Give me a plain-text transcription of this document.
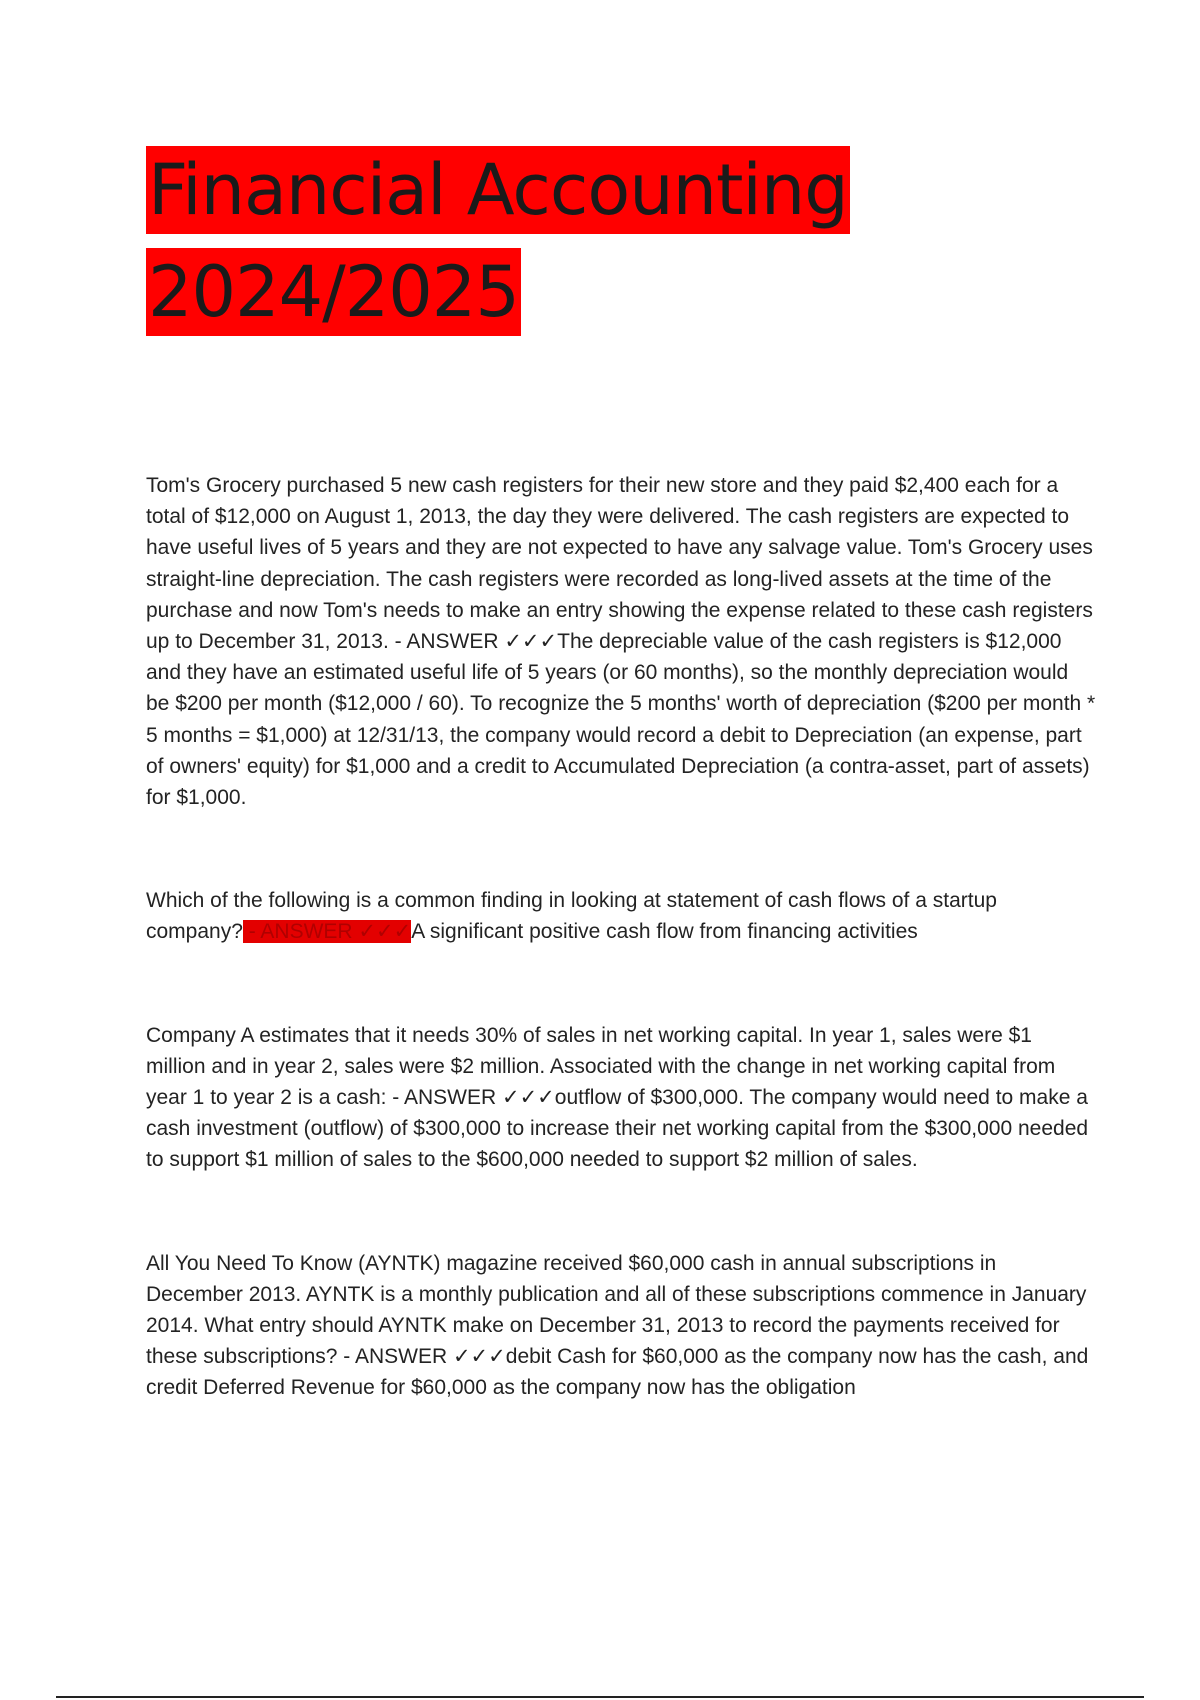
Financial Accounting
2024/2025

Tom's Grocery purchased 5 new cash registers for their new store and they paid $2,400 each for a total of $12,000 on August 1, 2013, the day they were delivered. The cash registers are expected to have useful lives of 5 years and they are not expected to have any salvage value. Tom's Grocery uses straight-line depreciation. The cash registers were recorded as long-lived assets at the time of the purchase and now Tom's needs to make an entry showing the expense related to these cash registers up to December 31, 2013. - ANSWER ✓✓✓The depreciable value of the cash registers is $12,000 and they have an estimated useful life of 5 years (or 60 months), so the monthly depreciation would be $200 per month ($12,000 / 60). To recognize the 5 months' worth of depreciation ($200 per month * 5 months = $1,000) at 12/31/13, the company would record a debit to Depreciation (an expense, part of owners' equity) for $1,000 and a credit to Accumulated Depreciation (a contra-asset, part of assets) for $1,000.

Which of the following is a common finding in looking at statement of cash flows of a startup company? - ANSWER ✓✓✓A significant positive cash flow from financing activities

Company A estimates that it needs 30% of sales in net working capital. In year 1, sales were $1 million and in year 2, sales were $2 million. Associated with the change in net working capital from year 1 to year 2 is a cash: - ANSWER ✓✓✓outflow of $300,000. The company would need to make a cash investment (outflow) of $300,000 to increase their net working capital from the $300,000 needed to support $1 million of sales to the $600,000 needed to support $2 million of sales.

All You Need To Know (AYNTK) magazine received $60,000 cash in annual subscriptions in December 2013. AYNTK is a monthly publication and all of these subscriptions commence in January 2014. What entry should AYNTK make on December 31, 2013 to record the payments received for these subscriptions? - ANSWER ✓✓✓debit Cash for $60,000 as the company now has the cash, and credit Deferred Revenue for $60,000 as the company now has the obligation
